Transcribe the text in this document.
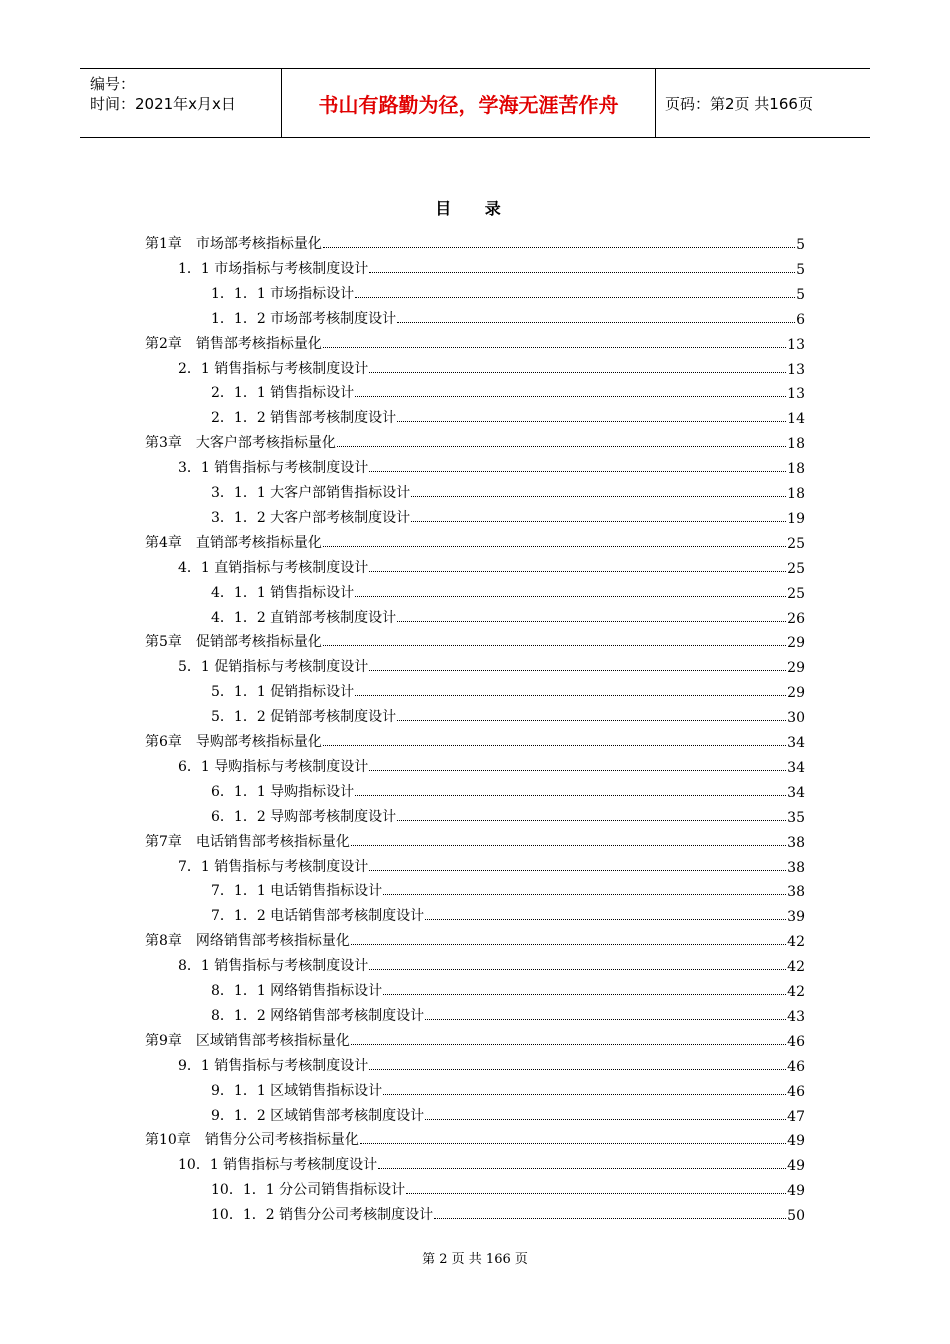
编号：
时间：2021年x月x日	书山有路勤为径，学海无涯苦作舟	页码：第2页 共166页
目 录
第1章　市场部考核指标量化	5
1．1 市场指标与考核制度设计	5
1．1．1 市场指标设计	5
1．1．2 市场部考核制度设计	6
第2章　销售部考核指标量化	13
2．1 销售指标与考核制度设计	13
2．1．1 销售指标设计	13
2．1．2 销售部考核制度设计	14
第3章　大客户部考核指标量化	18
3．1 销售指标与考核制度设计	18
3．1．1 大客户部销售指标设计	18
3．1．2 大客户部考核制度设计	19
第4章　直销部考核指标量化	25
4．1 直销指标与考核制度设计	25
4．1．1 销售指标设计	25
4．1．2 直销部考核制度设计	26
第5章　促销部考核指标量化	29
5．1 促销指标与考核制度设计	29
5．1．1 促销指标设计	29
5．1．2 促销部考核制度设计	30
第6章　导购部考核指标量化	34
6．1 导购指标与考核制度设计	34
6．1．1 导购指标设计	34
6．1．2 导购部考核制度设计	35
第7章　电话销售部考核指标量化	38
7．1 销售指标与考核制度设计	38
7．1．1 电话销售指标设计	38
7．1．2 电话销售部考核制度设计	39
第8章　网络销售部考核指标量化	42
8．1 销售指标与考核制度设计	42
8．1．1 网络销售指标设计	42
8．1．2 网络销售部考核制度设计	43
第9章　区域销售部考核指标量化	46
9．1 销售指标与考核制度设计	46
9．1．1 区域销售指标设计	46
9．1．2 区域销售部考核制度设计	47
第10章　销售分公司考核指标量化	49
10．1 销售指标与考核制度设计	49
10．1．1 分公司销售指标设计	49
10．1．2 销售分公司考核制度设计	50
第 2 页 共 166 页
